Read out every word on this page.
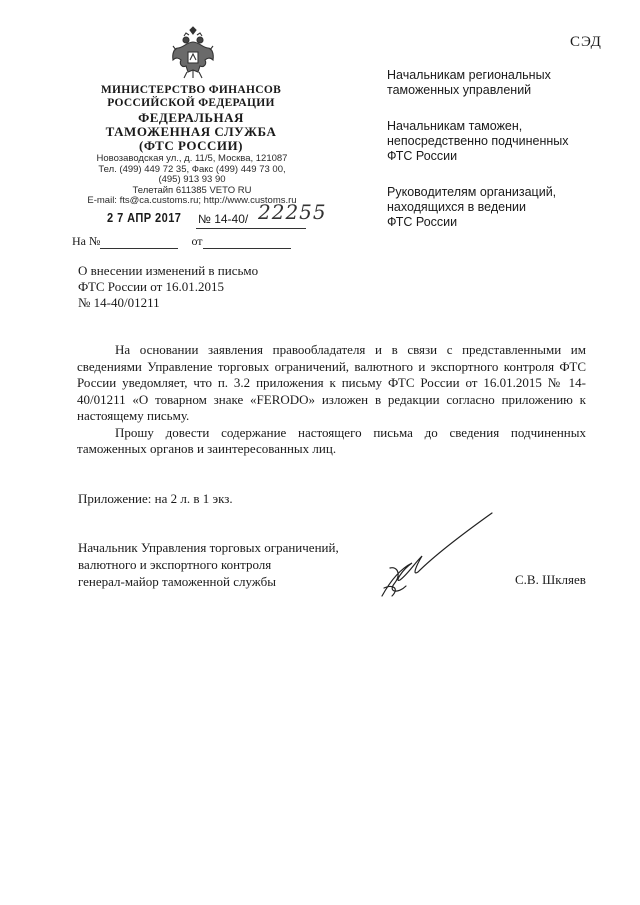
СЭД
МИНИСТЕРСТВО ФИНАНСОВ
РОССИЙСКОЙ ФЕДЕРАЦИИ
ФЕДЕРАЛЬНАЯ
ТАМОЖЕННАЯ СЛУЖБА
(ФТС РОССИИ)
Новозаводская ул., д. 11/5, Москва, 121087
Тел. (499) 449 72 35, Факс (499) 449 73 00,
(495) 913 93 90
Телетайп 611385 VETO RU
E-mail: fts@ca.customs.ru; http://www.customs.ru
2 7 АПР 2017 № 14-40/ 22255
На №	от
О внесении изменений в письмо
ФТС России от 16.01.2015
№ 14-40/01211

Начальникам региональных
таможенных управлений

Начальникам таможен,
непосредственно подчиненных
ФТС России

Руководителям организаций,
находящихся в ведении
ФТС России

На основании заявления правообладателя и в связи с представленными им сведениями Управление торговых ограничений, валютного и экспортного контроля ФТС России уведомляет, что п. 3.2 приложения к письму ФТС России от 16.01.2015 № 14-40/01211 «О товарном знаке «FERODO» изложен в редакции согласно приложению к настоящему письму.

Прошу довести содержание настоящего письма до сведения подчиненных таможенных органов и заинтересованных лиц.

Приложение: на 2 л. в 1 экз.

Начальник Управления торговых ограничений,

валютного и экспортного контроля

генерал-майор таможенной службы	С.В. Шкляев
